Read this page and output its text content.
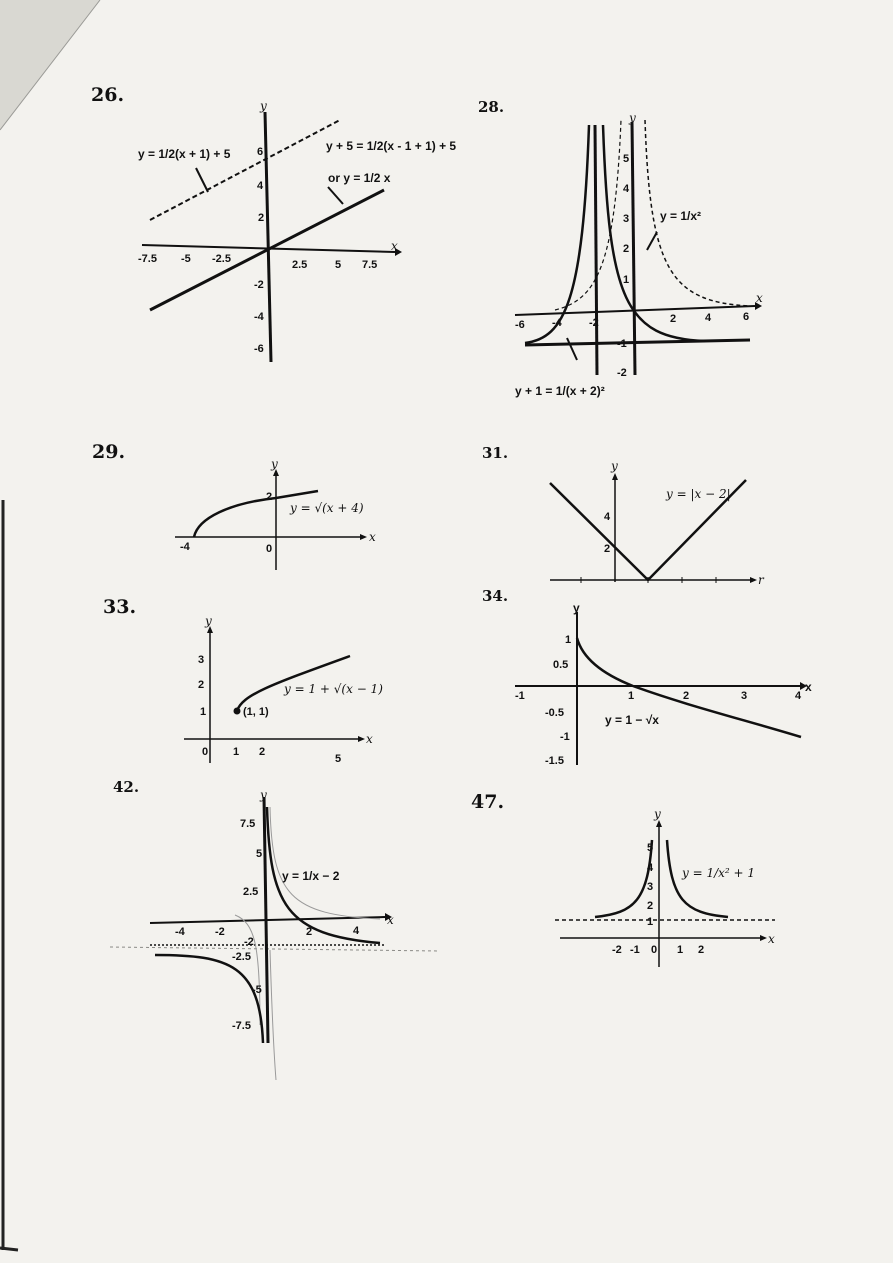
26.
28.
29.	31.
33.	34.
42.
47.
x
y
-7.5 -5 -2.5	2.5	5 7.5
6
4
2
-2
-4
-6
y = 1/2(x + 1) + 5
y + 5 = 1/2(x - 1 + 1) + 5
or y = 1/2 x
x
y
-6 -4 -2	2	4	6
5
4
3
2
1
-1
-2
y = 1/x²
y + 1 = 1/(x + 2)²
x
y
-4	0
2
y = √(x + 4)
r
y
4
2
y = |x − 2|
x
y
0 1 2
5
3
2
1	(1, 1)
y = 1 + √(x − 1)	x
y
-1	1	2	3	4
1
0.5
-0.5
-1
-1.5
y = 1 − √x
x
y
-4	-2	2	4
7.5
5
2.5
-2
-2.5
-5
-7.5
y = 1/x − 2
x
y
-2 -1 0 1 2
5
4
3
2
1
y = 1/x² + 1
